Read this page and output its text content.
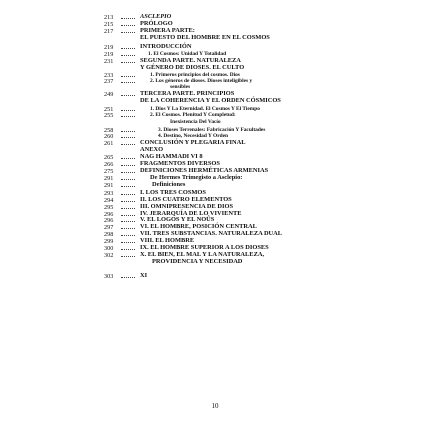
213	ASCLEPIO
215	PRÓLOGO
217	PRIMERA PARTE:
EL PUESTO DEL HOMBRE EN EL COSMOS
219	INTRODUCCIÓN
219	1. El Cosmos: Unidad Y Totalidad
231	SEGUNDA PARTE. NATURALEZA
Y GÉNERO DE DIOSES. EL CULTO
233	1. Primeros principios del cosmos. Dios
237	2. Los géneros de dioses. Dioses inteligibles y
sensibles
249	TERCERA PARTE. PRINCIPIOS
DE LA COHERENCIA Y EL ORDEN CÓSMICOS
251	1. Dios Y La Eternidad. El Cosmos Y El Tiempo
255	2. El Cosmos. Plenitud Y Completud:
Inexistencia Del Vacío
258	3. Dioses Terrenales: Fabricación Y Facultades
260	4. Destino, Necesidad Y Orden
261	CONCLUSIÓN Y PLEGARIA FINAL
ANEXO
265	NAG HAMMADI VI 8
266	FRAGMENTOS DIVERSOS
275	DEFINICIONES HERMÉTICAS ARMENIAS
291	De Hermes Trimegisto a Asclepio:
291	Definiciones
293	I. LOS TRES COSMOS
294	II. LOS CUATRO ELEMENTOS
295	III. OMNIPRESENCIA DE DIOS
296	IV. JERARQUÍA DE LO VIVIENTE
296	V. EL LOGOS Y EL NOÛS
297	VI. EL HOMBRE, POSICIÓN CENTRAL
298	VII. TRES SUBSTANCIAS. NATURALEZA DUAL
299	VIII. EL HOMBRE
300	IX. EL HOMBRE SUPERIOR A LOS DIOSES
302	X. EL BIEN, EL MAL Y LA NATURALEZA,
PROVIDENCIA Y NECESIDAD
303	XI
10
